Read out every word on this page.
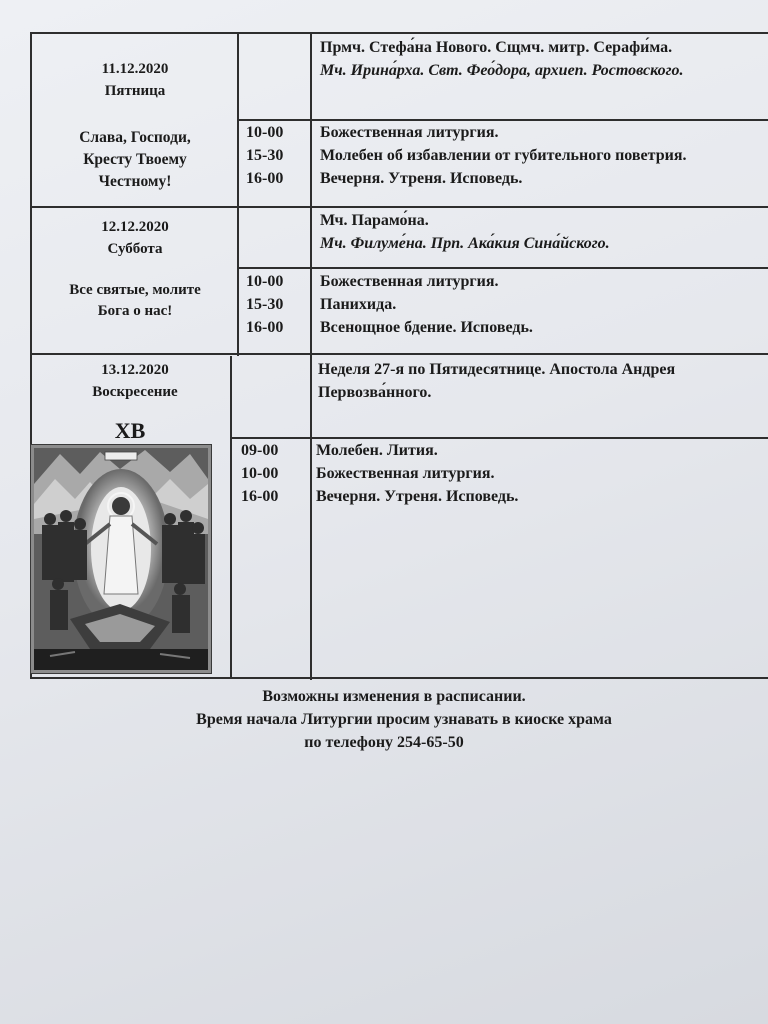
11.12.2020
Пятница
Слава, Господи,
Кресту Твоему
Честному!
Прмч. Стефа́на Нового. Сщмч. митр. Серафи́ма.
Мч. Ирина́рха. Свт. Фео́дора, архиеп. Ростовского.
10-00
15-30
16-00
Божественная литургия.
Молебен об избавлении от губительного поветрия.
Вечерня. Утреня. Исповедь.
12.12.2020
Суббота
Все святые, молите
Бога о нас!
Мч. Парамо́на.
Мч. Филуме́на. Прп. Ака́кия Сина́йского.
10-00
15-30
16-00
Божественная литургия.
Панихида.
Всенощное бдение. Исповедь.
13.12.2020
Воскресение
ХВ
Неделя 27-я по Пятидесятнице. Апостола Андрея
Первозва́нного.
09-00
10-00
16-00
Молебен. Лития.
Божественная литургия.
Вечерня. Утреня. Исповедь.
Возможны изменения в расписании.
Время начала Литургии просим узнавать в киоске храма
по телефону 254-65-50
